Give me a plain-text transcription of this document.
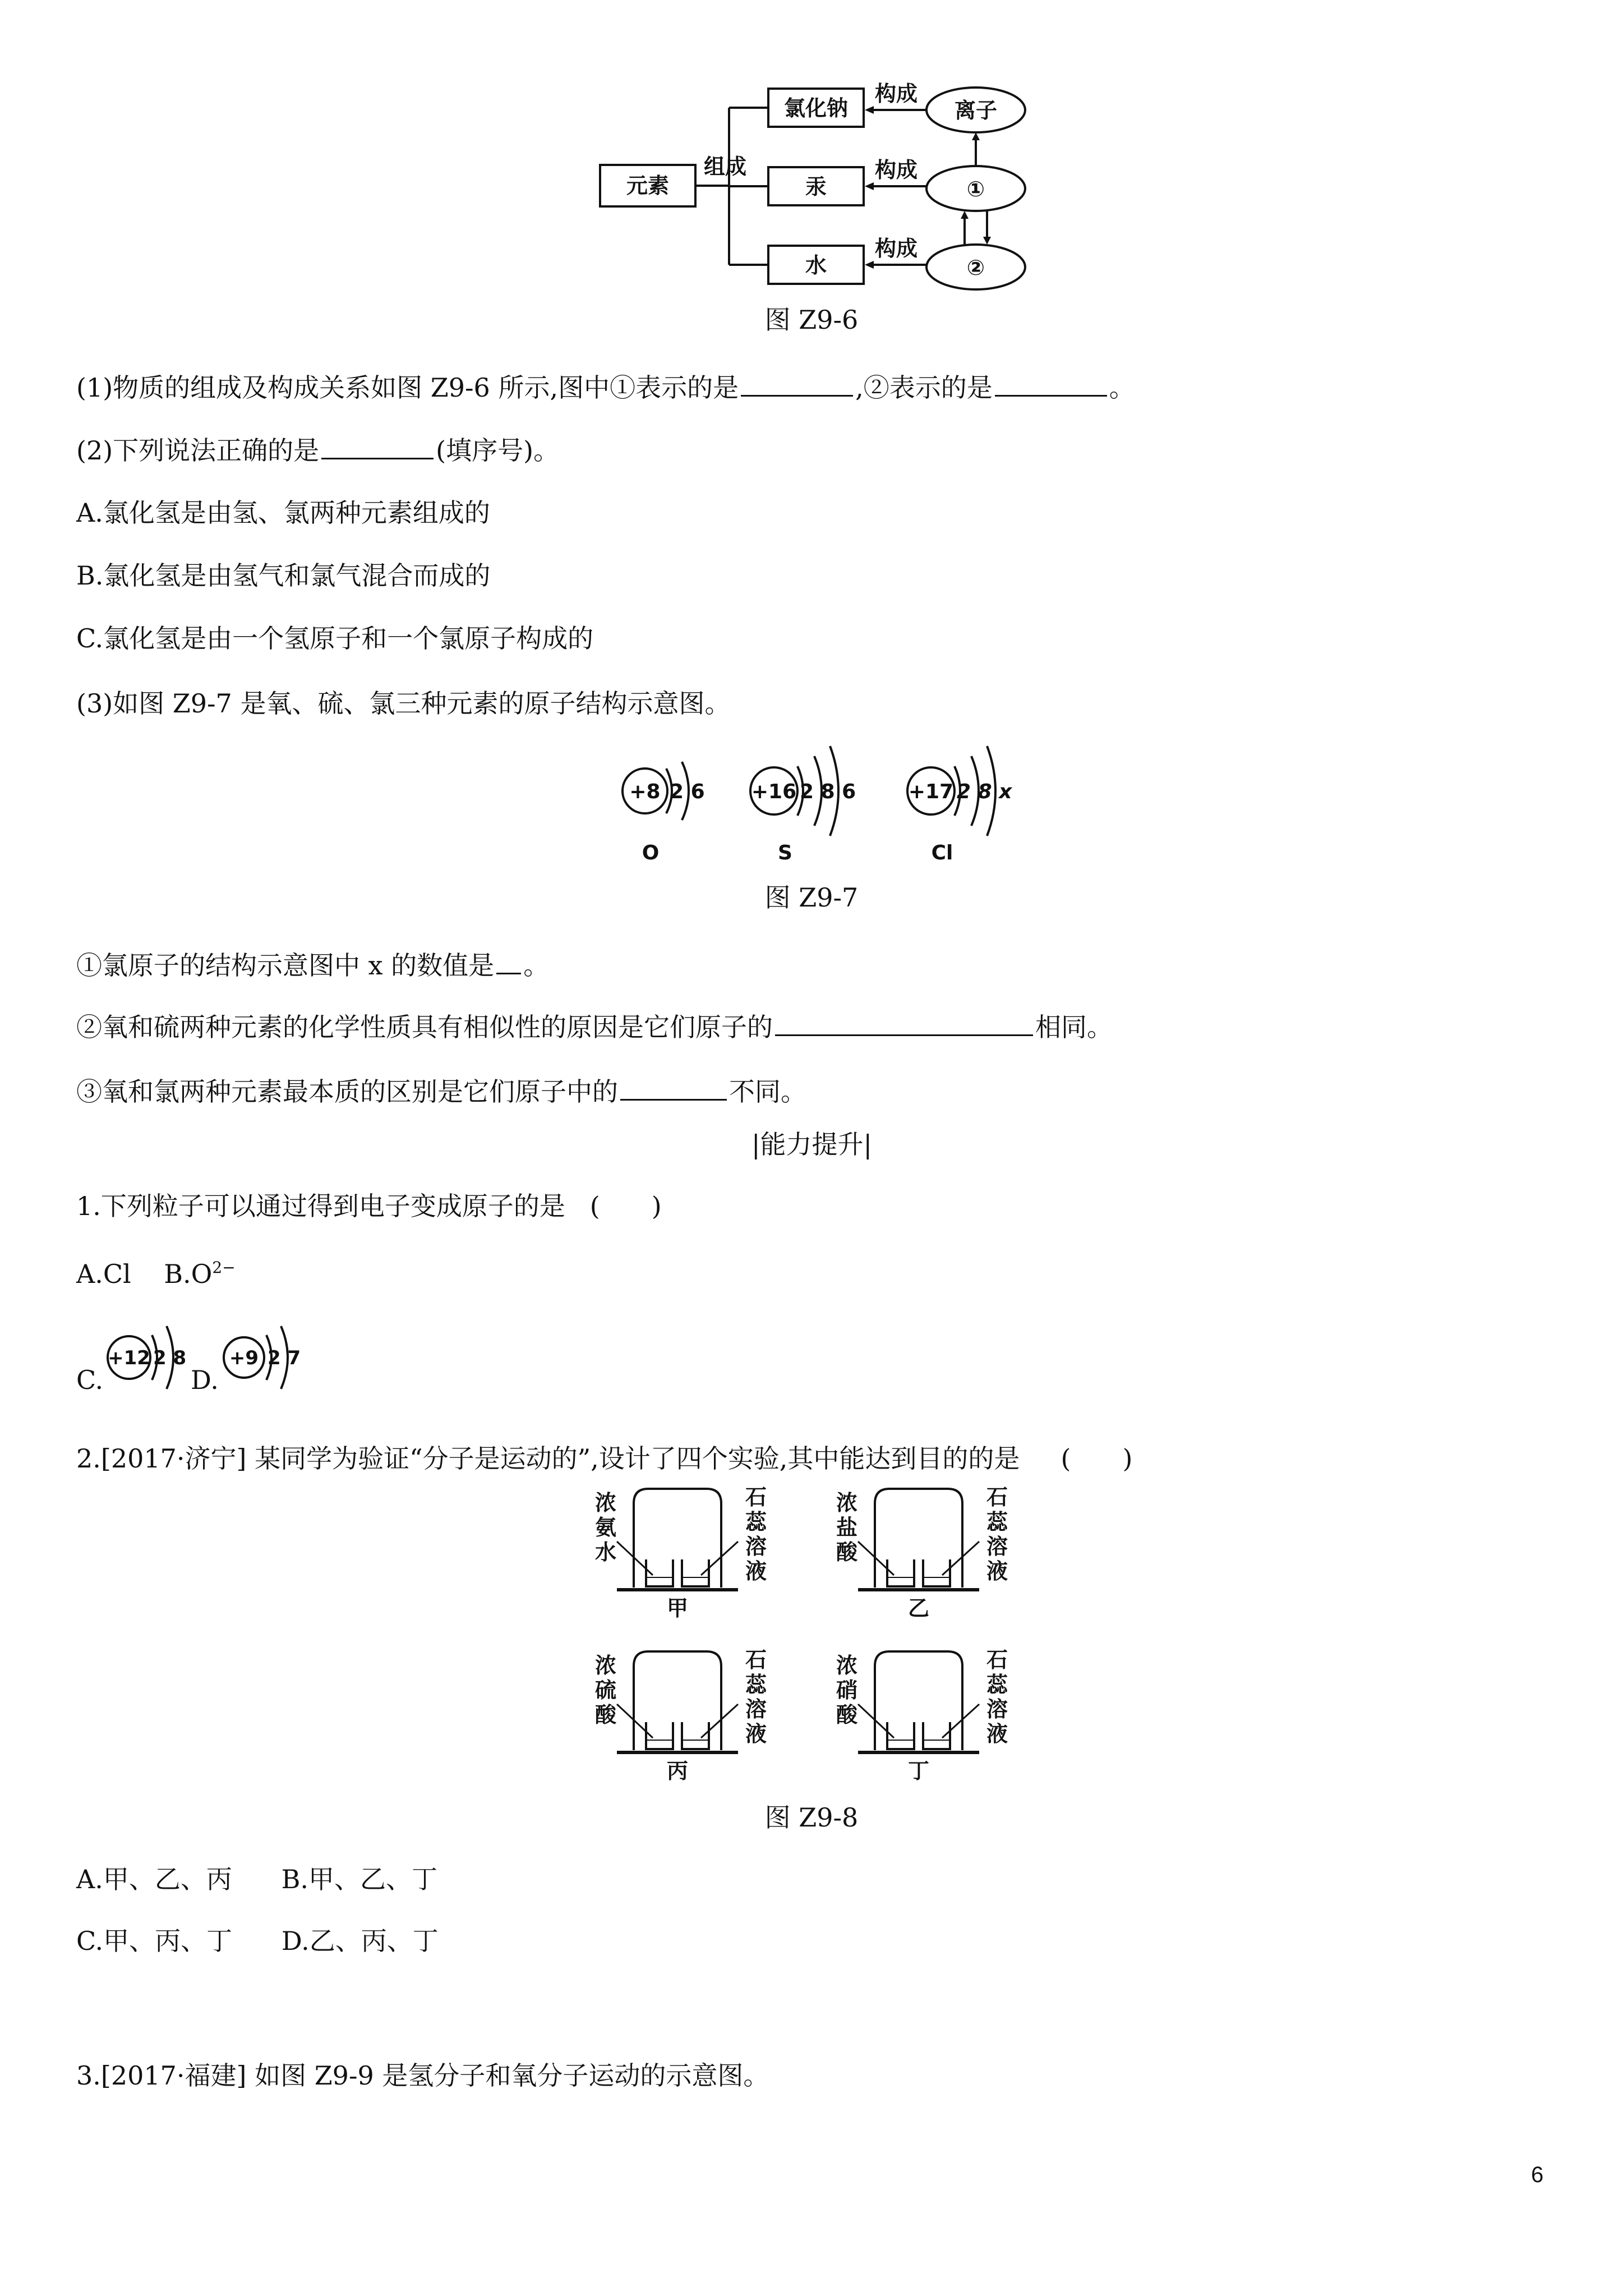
元素
组成
氯化钠
汞
水
构成
构成
构成
离子
①
②
图 Z9-6
(1)物质的组成及构成关系如图 Z9-6 所示,图中①表示的是	,②表示的是	。
(2)下列说法正确的是	(填序号)。
A.氯化氢是由氢、氯两种元素组成的
B.氯化氢是由氢气和氯气混合而成的
C.氯化氢是由一个氢原子和一个氯原子构成的
(3)如图 Z9-7 是氧、硫、氯三种元素的原子结构示意图。
+8 2 6
O
+16 2 8 6
S
+17 2 8 x
Cl
图 Z9-7
①氯原子的结构示意图中 x 的数值是 。
②氧和硫两种元素的化学性质具有相似性的原因是它们原子的	相同。
③氧和氯两种元素最本质的区别是它们原子中的	不同。
|能力提升|
1.下列粒子可以通过得到电子变成原子的是 (　　)
A.Cl $B.O^{2-}$
C.	D.
+12 2 8 +9 2 7
2.[2017·济宁] 某同学为验证“分子是运动的”,设计了四个实验,其中能达到目的的是 (　　)
浓
氨
水
石
蕊
溶
液
甲
浓
盐
酸
石
蕊
溶
液
乙
浓
硫
酸
石
蕊
溶
液
丙
浓
硝
酸
石
蕊
溶
液
丁
图 Z9-8
A.甲、乙、丙 B.甲、乙、丁
C.甲、丙、丁 D.乙、丙、丁
3.[2017·福建] 如图 Z9-9 是氢分子和氧分子运动的示意图。
6
